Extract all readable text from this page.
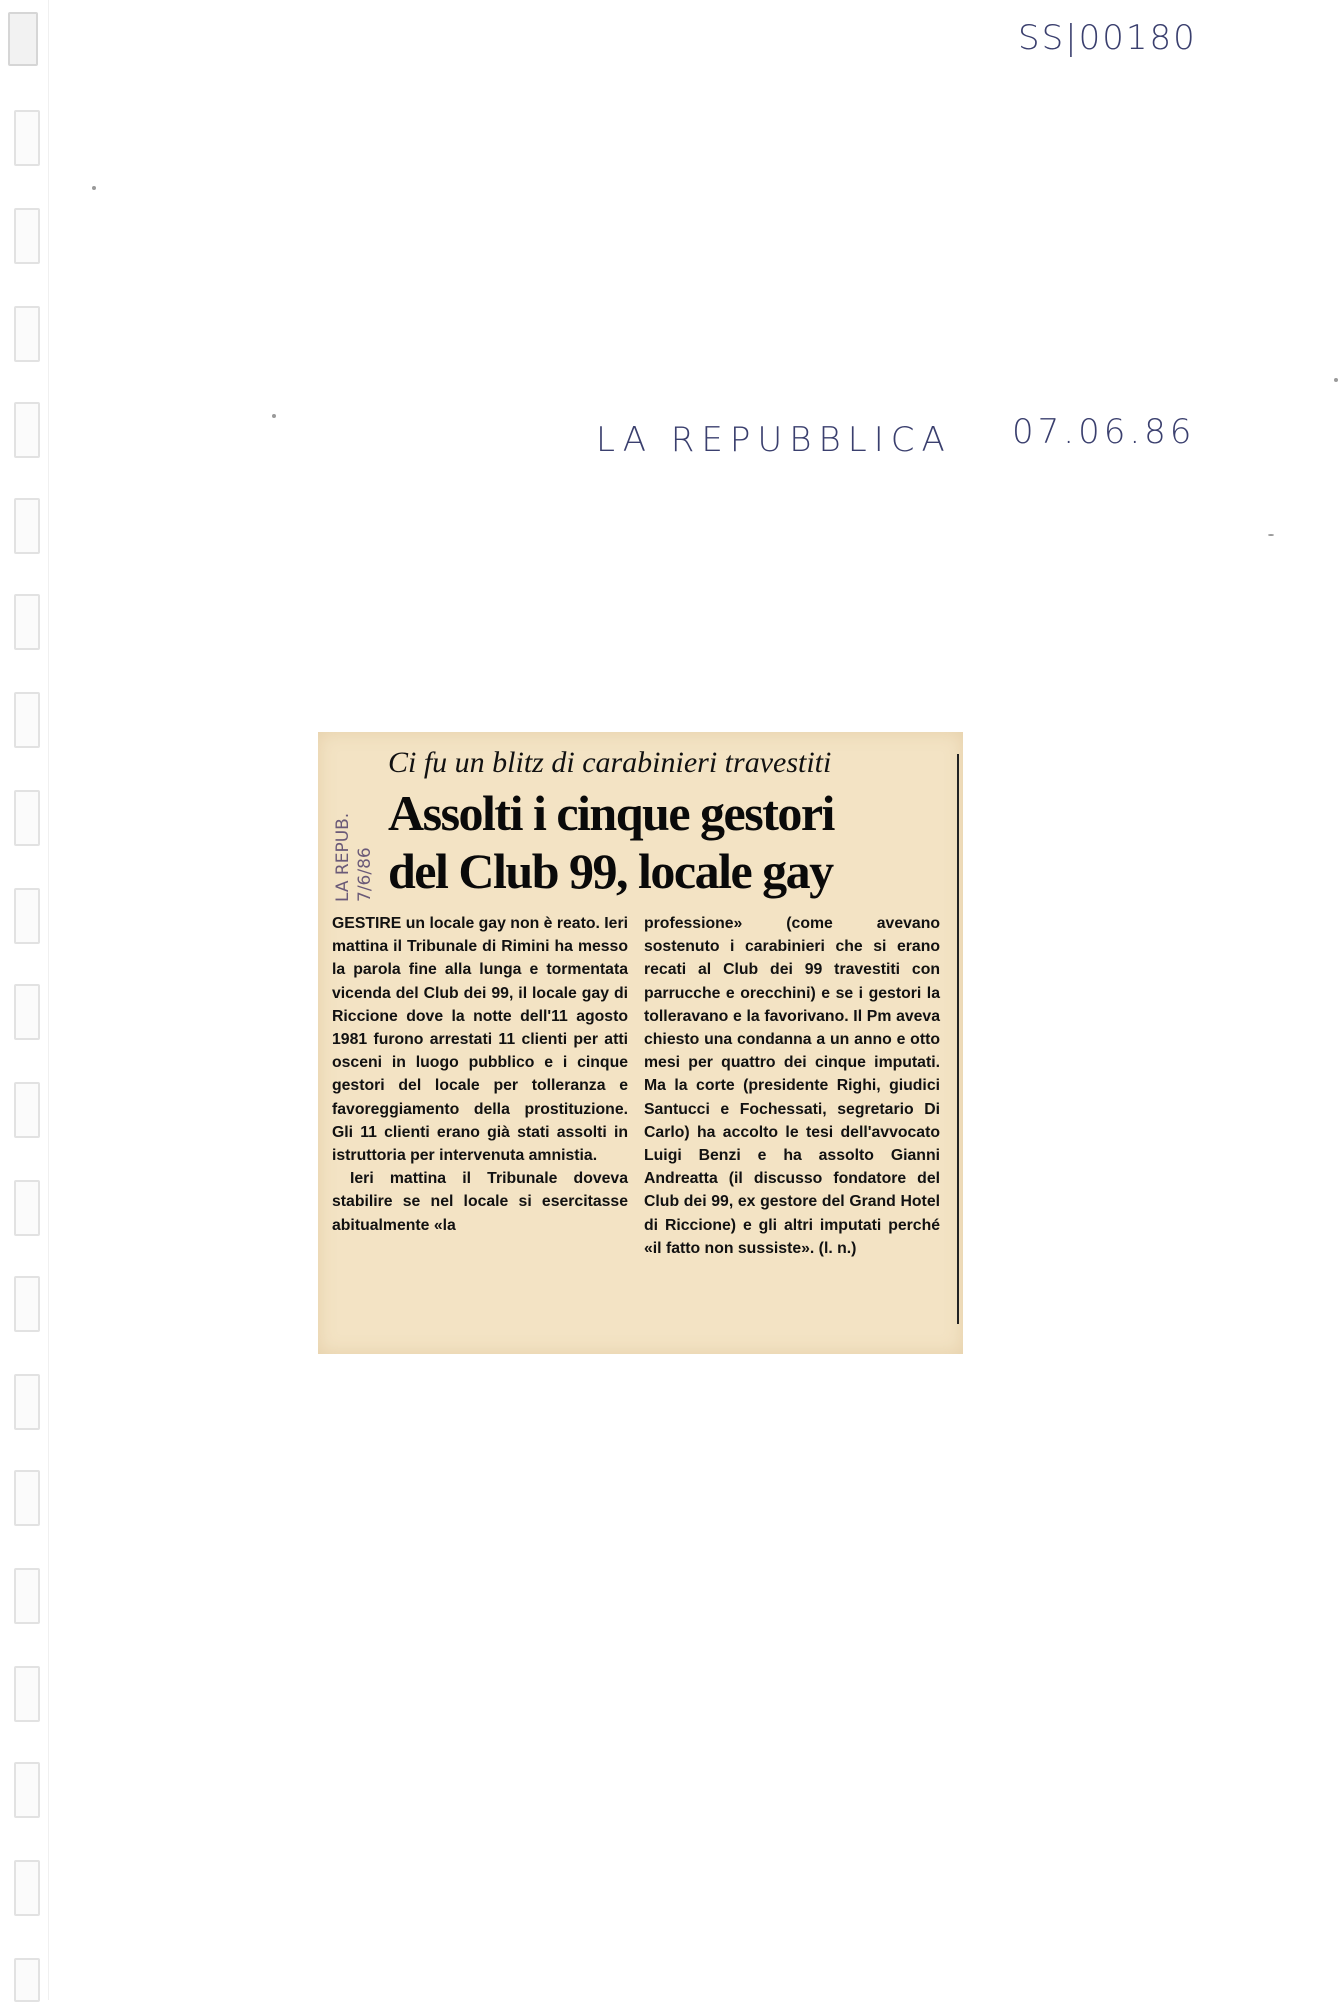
SS|00180
LA REPUBBLICA 07.06.86
LA REPUB. 7/6/86
Ci fu un blitz di carabinieri travestiti
Assolti i cinque gestori
del Club 99, locale gay

GESTIRE un locale gay non è reato. Ieri mattina il Tribunale di Rimini ha messo la parola fine alla lunga e tormentata vicenda del Club dei 99, il locale gay di Riccione dove la notte dell'11 agosto 1981 furono arrestati 11 clienti per atti osceni in luogo pubblico e i cinque gestori del locale per tolleranza e favoreggiamento della prostituzione. Gli 11 clienti erano già stati assolti in istruttoria per intervenuta amnistia.

Ieri mattina il Tribunale doveva stabilire se nel locale si esercitasse abitualmente «la

professione» (come avevano sostenuto i carabinieri che si erano recati al Club dei 99 travestiti con parrucche e orecchini) e se i gestori la tolleravano e la favorivano. Il Pm aveva chiesto una condanna a un anno e otto mesi per quattro dei cinque imputati. Ma la corte (presidente Righi, giudici Santucci e Fochessati, segretario Di Carlo) ha accolto le tesi dell'avvocato Luigi Benzi e ha assolto Gianni Andreatta (il discusso fondatore del Club dei 99, ex gestore del Grand Hotel di Riccione) e gli altri imputati perché «il fatto non sussiste». (l. n.)
